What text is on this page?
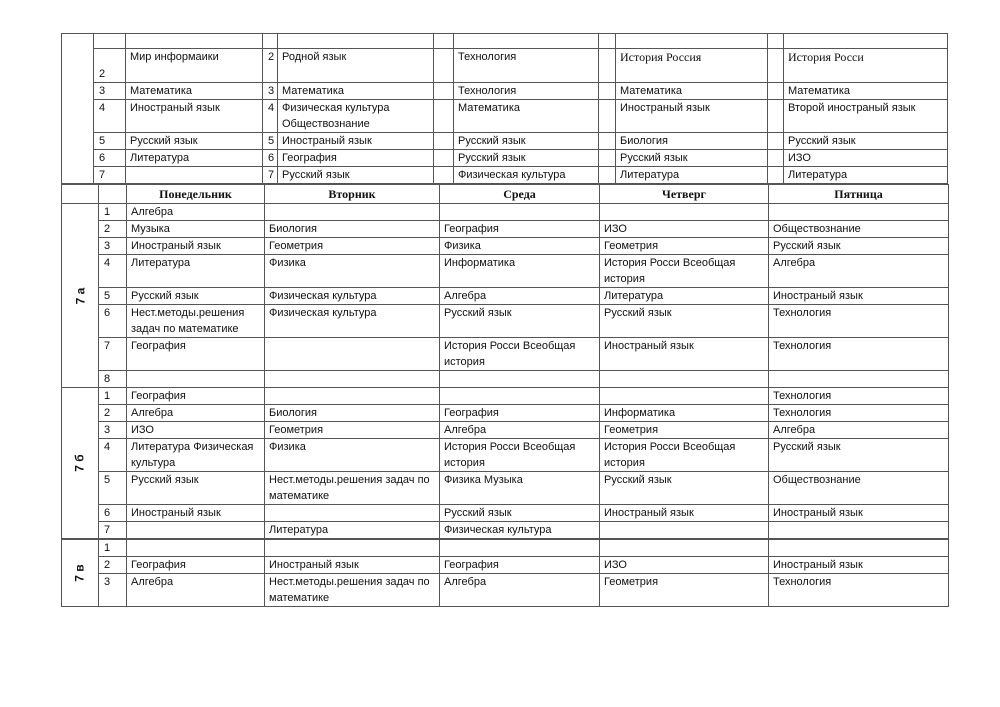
	2	Мир информаики	2	Родной язык		Технология		История Россия		История Росси
	3	Математика	3	Математика		Технология		Математика		Математика
	4	Иностраный язык	4	Физическая культура Обществознание		Математика		Иностраный язык		Второй иностраный язык
	5	Русский язык	5	Иностраный язык		Русский язык		Биология		Русский язык
	6	Литература	6	География		Русский язык		Русский язык		ИЗО
	7		7	Русский язык		Физическая культура		Литература		Литература
		Понедельник	Вторник	Среда	Четверг	Пятница
7 а	1	Алгебра				
	2	Музыка	Биология	География	ИЗО	Обществознание
	3	Иностраный язык	Геометрия	Физика	Геометрия	Русский язык
	4	Литература	Физика	Информатика	История Росси Всеобщая история	Алгебра
	5	Русский язык	Физическая культура	Алгебра	Литература	Иностраный язык
	6	Нест.методы.решения задач по математике	Физическая культура	Русский язык	Русский язык	Технология
	7	География		История Росси Всеобщая история	Иностраный язык	Технология
	8					
7 б	1	География				Технология
	2	Алгебра	Биология	География	Информатика	Технология
	3	ИЗО	Геометрия	Алгебра	Геометрия	Алгебра
	4	Литература Физическая культура	Физика	История Росси Всеобщая история	История Росси Всеобщая история	Русский язык
	5	Русский язык	Нест.методы.решения задач по математике	Физика Музыка	Русский язык	Обществознание
	6	Иностраный язык		Русский язык	Иностраный язык	Иностраный язык
	7		Литература	Физическая культура		
7 в	1					
	2	География	Иностраный язык	География	ИЗО	Иностраный язык
	3	Алгебра	Нест.методы.решения задач по математике	Алгебра	Геометрия	Технология
